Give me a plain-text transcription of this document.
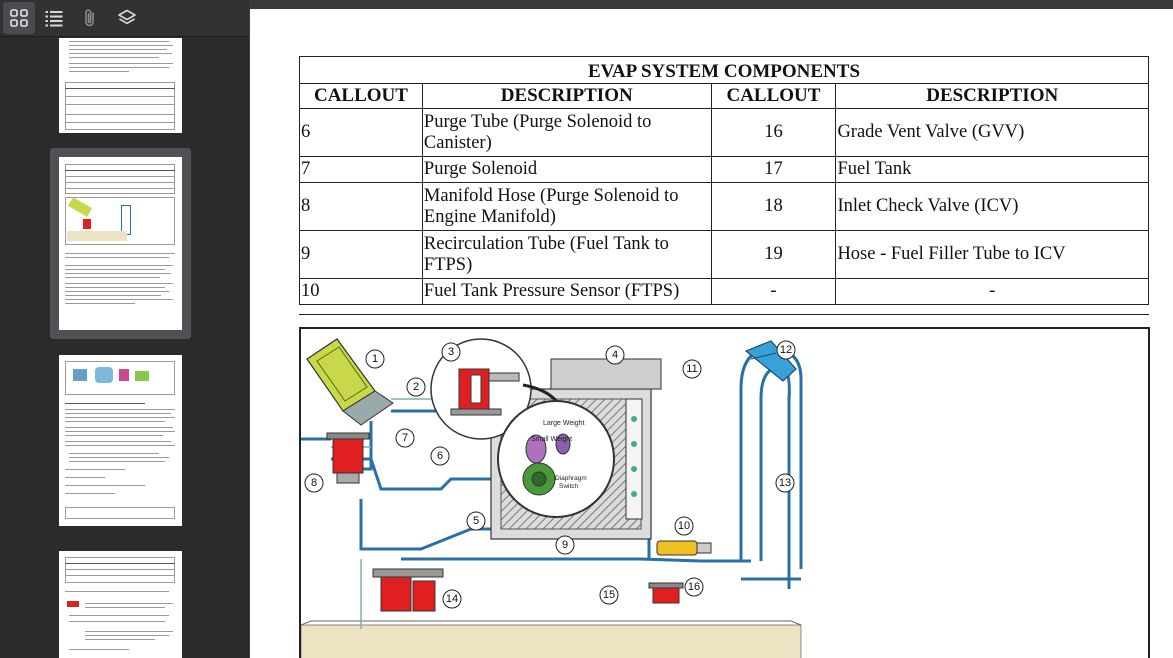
EVAP SYSTEM COMPONENTS			
CALLOUT	DESCRIPTION	CALLOUT	DESCRIPTION
6	Purge Tube (Purge Solenoid to Canister)	16	Grade Vent Valve (GVV)
7	Purge Solenoid	17	Fuel Tank
8	Manifold Hose (Purge Solenoid to Engine Manifold)	18	Inlet Check Valve (ICV)
9	Recirculation Tube (Fuel Tank to FTPS)	19	Hose - Fuel Filler Tube to ICV
10	Fuel Tank Pressure Sensor (FTPS)	-	-
Large Weight
Small Weight
Diaphragm
Switch
1
2
3	4
5
6
7
8
9
10
11
12
13
14	15
16
